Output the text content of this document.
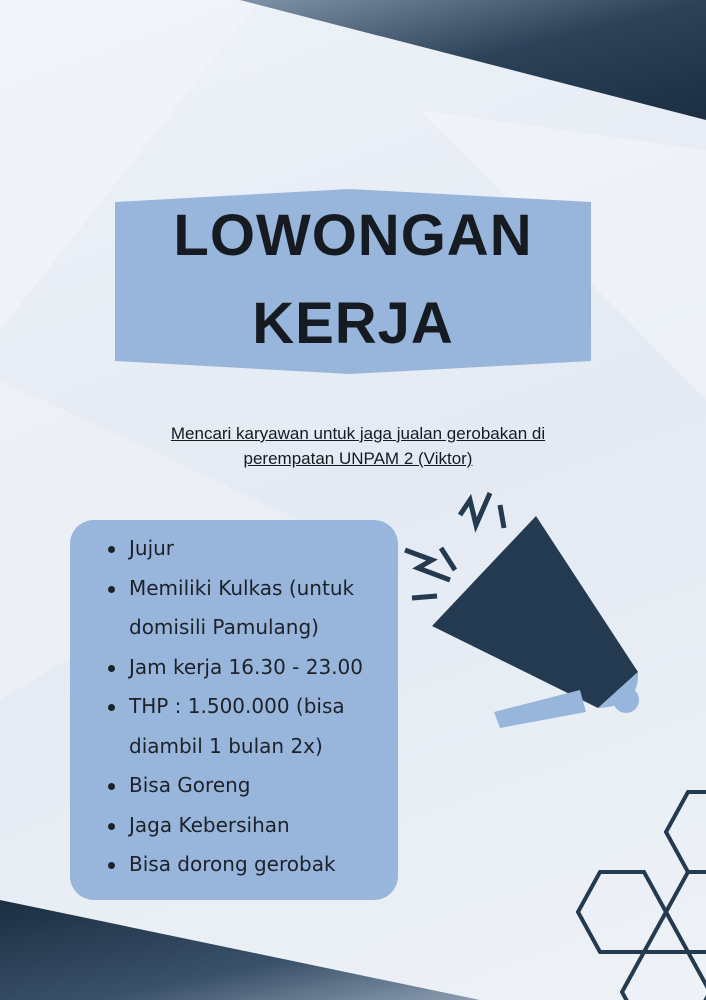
LOWONGAN
KERJA
Mencari karyawan untuk jaga jualan gerobakan di
perempatan UNPAM 2 (Viktor)
Jujur
Memiliki Kulkas (untuk domisili Pamulang)
Jam kerja 16.30 - 23.00
THP : 1.500.000 (bisa diambil 1 bulan 2x)
Bisa Goreng
Jaga Kebersihan
Bisa dorong gerobak
